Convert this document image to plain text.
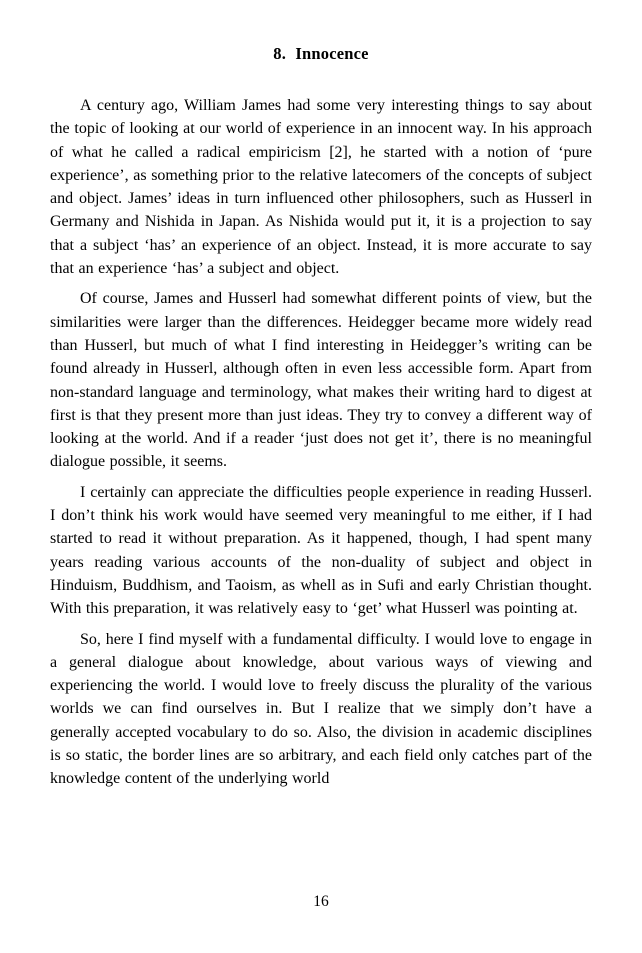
8. Innocence

A century ago, William James had some very interesting things to say about the topic of looking at our world of experience in an innocent way. In his approach of what he called a radical empiricism [2], he started with a notion of ‘pure experience’, as something prior to the relative latecomers of the concepts of subject and object. James’ ideas in turn influenced other philosophers, such as Husserl in Germany and Nishida in Japan. As Nishida would put it, it is a projection to say that a subject ‘has’ an experience of an object. Instead, it is more accurate to say that an experience ‘has’ a subject and object.

Of course, James and Husserl had somewhat different points of view, but the similarities were larger than the differences. Heidegger became more widely read than Husserl, but much of what I find interesting in Heidegger’s writing can be found already in Husserl, although often in even less accessible form. Apart from non-standard language and terminology, what makes their writing hard to digest at first is that they present more than just ideas. They try to convey a different way of looking at the world. And if a reader ‘just does not get it’, there is no meaningful dialogue possible, it seems.

I certainly can appreciate the difficulties people experience in reading Husserl. I don’t think his work would have seemed very meaningful to me either, if I had started to read it without preparation. As it happened, though, I had spent many years reading various accounts of the non-duality of subject and object in Hinduism, Buddhism, and Taoism, as whell as in Sufi and early Christian thought. With this preparation, it was relatively easy to ‘get’ what Husserl was pointing at.

So, here I find myself with a fundamental difficulty. I would love to engage in a general dialogue about knowledge, about various ways of viewing and experiencing the world. I would love to freely discuss the plurality of the various worlds we can find ourselves in. But I realize that we simply don’t have a generally accepted vocabulary to do so. Also, the division in academic disciplines is so static, the border lines are so arbitrary, and each field only catches part of the knowledge content of the underlying world

16
